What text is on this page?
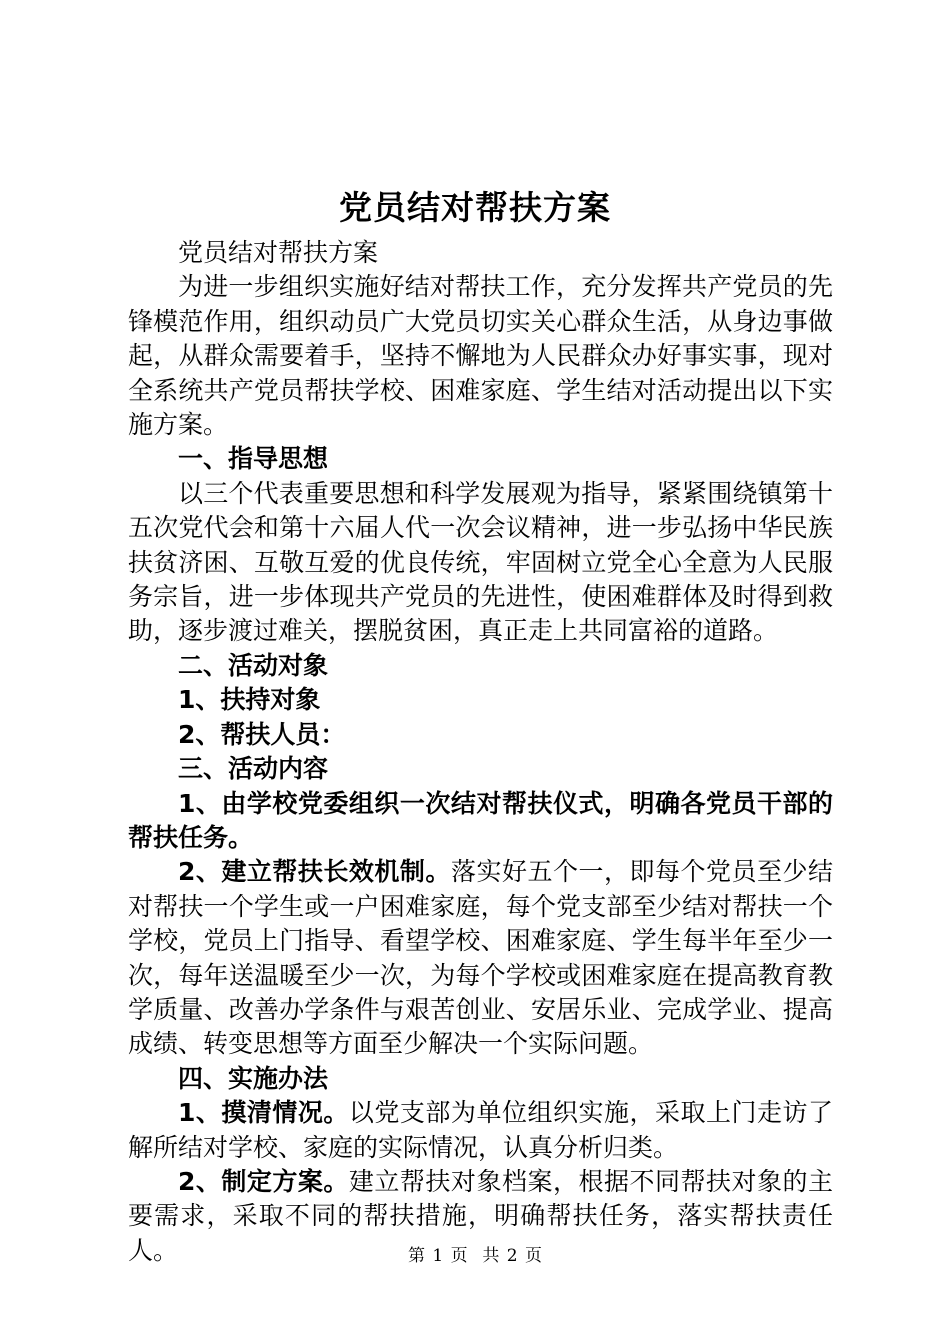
党员结对帮扶方案

党员结对帮扶方案

为进一步组织实施好结对帮扶工作，充分发挥共产党员的先锋模范作用，组织动员广大党员切实关心群众生活，从身边事做起，从群众需要着手，坚持不懈地为人民群众办好事实事，现对全系统共产党员帮扶学校、困难家庭、学生结对活动提出以下实施方案。

一、指导思想

以三个代表重要思想和科学发展观为指导，紧紧围绕镇第十五次党代会和第十六届人代一次会议精神，进一步弘扬中华民族扶贫济困、互敬互爱的优良传统，牢固树立党全心全意为人民服务宗旨，进一步体现共产党员的先进性，使困难群体及时得到救助，逐步渡过难关，摆脱贫困，真正走上共同富裕的道路。

二、活动对象

1、扶持对象

2、帮扶人员：

三、活动内容

1、由学校党委组织一次结对帮扶仪式，明确各党员干部的帮扶任务。

2、建立帮扶长效机制。落实好五个一，即每个党员至少结对帮扶一个学生或一户困难家庭，每个党支部至少结对帮扶一个学校，党员上门指导、看望学校、困难家庭、学生每半年至少一次，每年送温暖至少一次，为每个学校或困难家庭在提高教育教学质量、改善办学条件与艰苦创业、安居乐业、完成学业、提高成绩、转变思想等方面至少解决一个实际问题。

四、实施办法

1、摸清情况。以党支部为单位组织实施，采取上门走访了解所结对学校、家庭的实际情况，认真分析归类。

2、制定方案。建立帮扶对象档案，根据不同帮扶对象的主要需求，采取不同的帮扶措施，明确帮扶任务，落实帮扶责任人。	第 1 页 共 2 页
